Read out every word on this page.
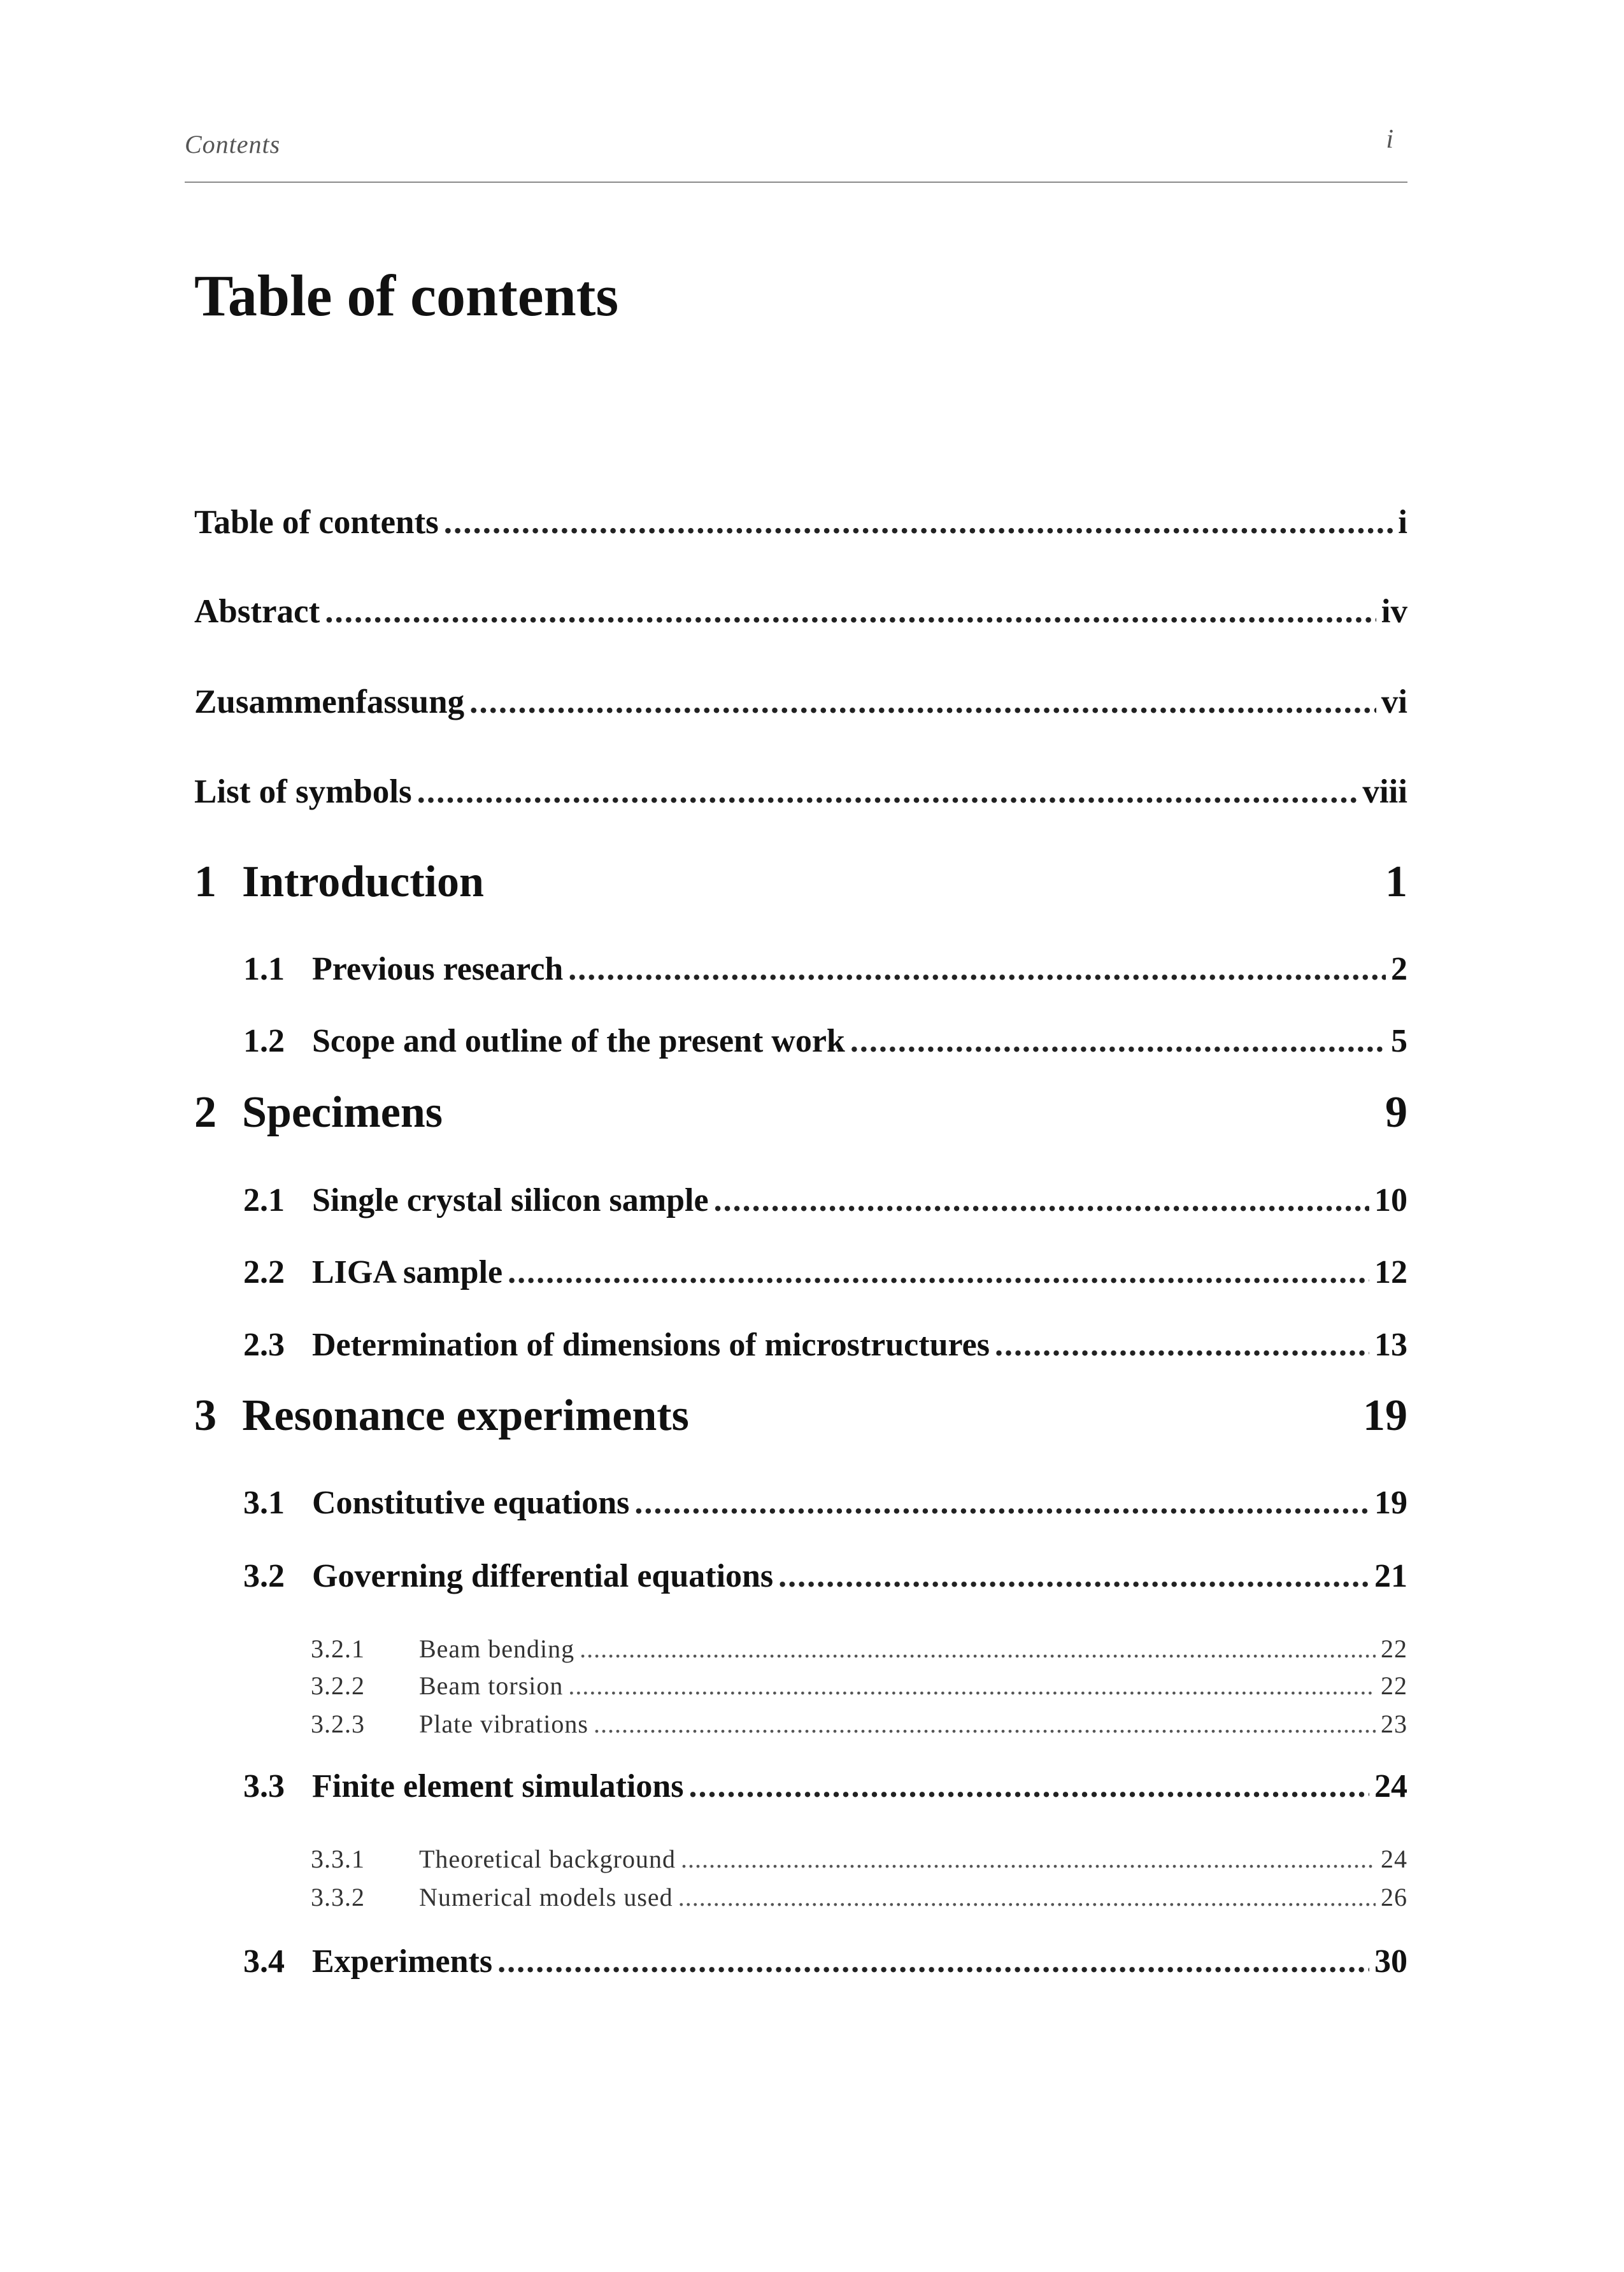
Contents	i
Table of contents
Table of contents .....	i
Abstract .....	iv
Zusammenfassung .....	vi
List of symbols .....	viii
1 Introduction	1
1.1 Previous research .....	2
1.2 Scope and outline of the present work .....	5
2 Specimens	9
2.1 Single crystal silicon sample .....	10
2.2 LIGA sample .....	12
2.3 Determination of dimensions of microstructures .....	13
3 Resonance experiments	19
3.1 Constitutive equations .....	19
3.2 Governing differential equations .....	21
3.2.1	Beam bending .....	22
3.2.2	Beam torsion .....	22
3.2.3	Plate vibrations .....	23
3.3 Finite element simulations .....	24
3.3.1	Theoretical background .....	24
3.3.2	Numerical models used .....	26
3.4 Experiments .....	30
